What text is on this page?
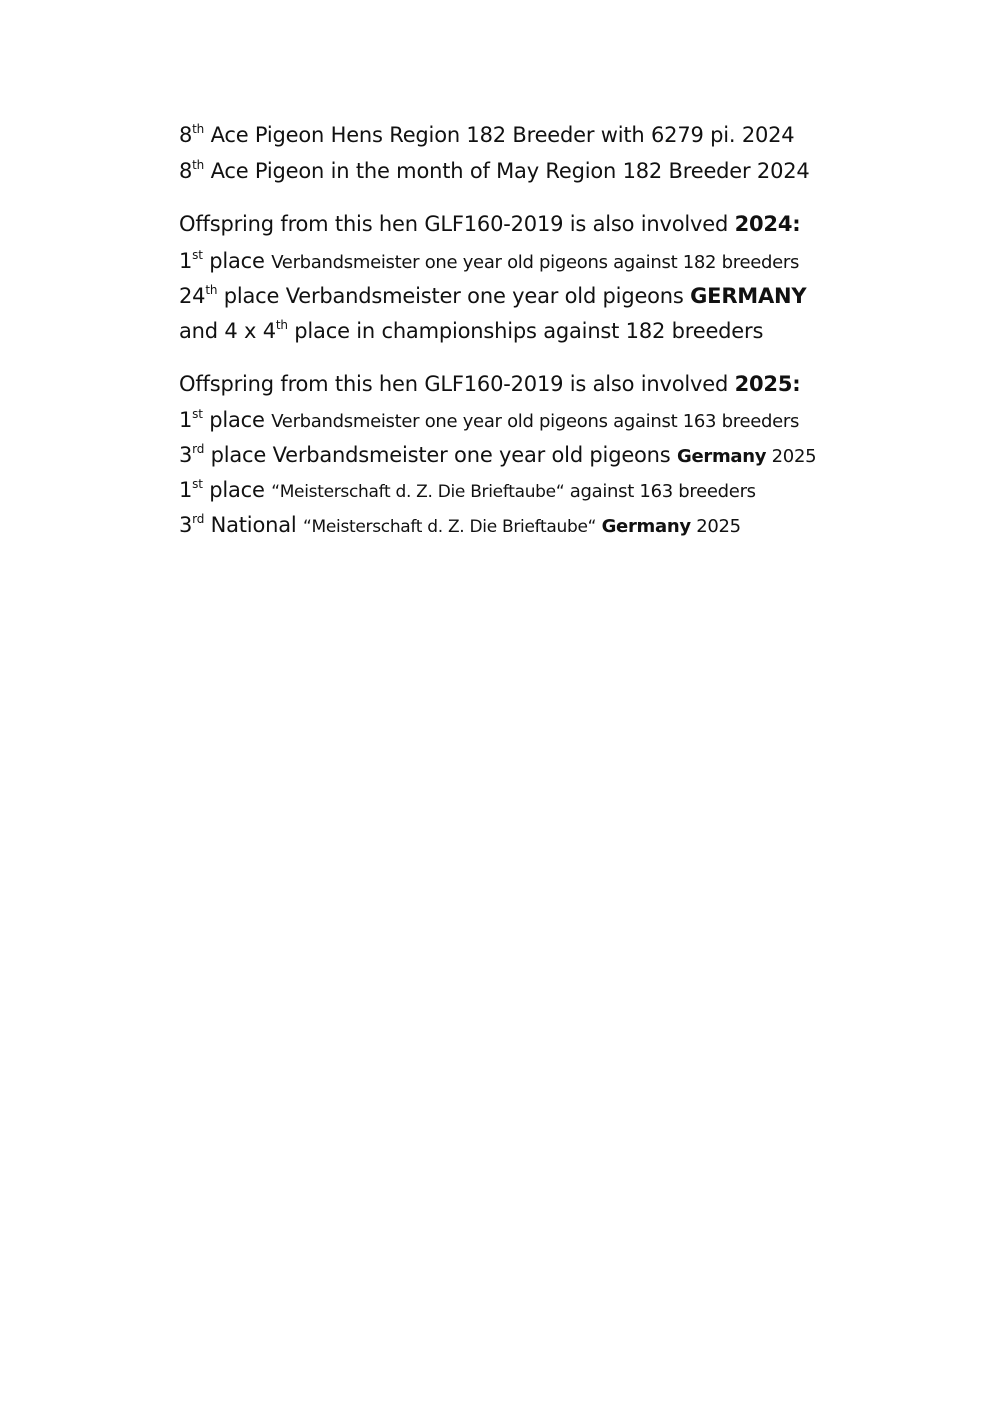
8th Ace Pigeon Hens Region 182 Breeder with 6279 pi. 2024
8th Ace Pigeon in the month of May Region 182 Breeder 2024
Offspring from this hen GLF160-2019 is also involved 2024:
1st place Verbandsmeister one year old pigeons against 182 breeders
24th place Verbandsmeister one year old pigeons GERMANY
and 4 x 4th place in championships against 182 breeders
Offspring from this hen GLF160-2019 is also involved 2025:
1st place Verbandsmeister one year old pigeons against 163 breeders
3rd place Verbandsmeister one year old pigeons Germany 2025
1st place “Meisterschaft d. Z. Die Brieftaube“ against 163 breeders
3rd National “Meisterschaft d. Z. Die Brieftaube“ Germany 2025
